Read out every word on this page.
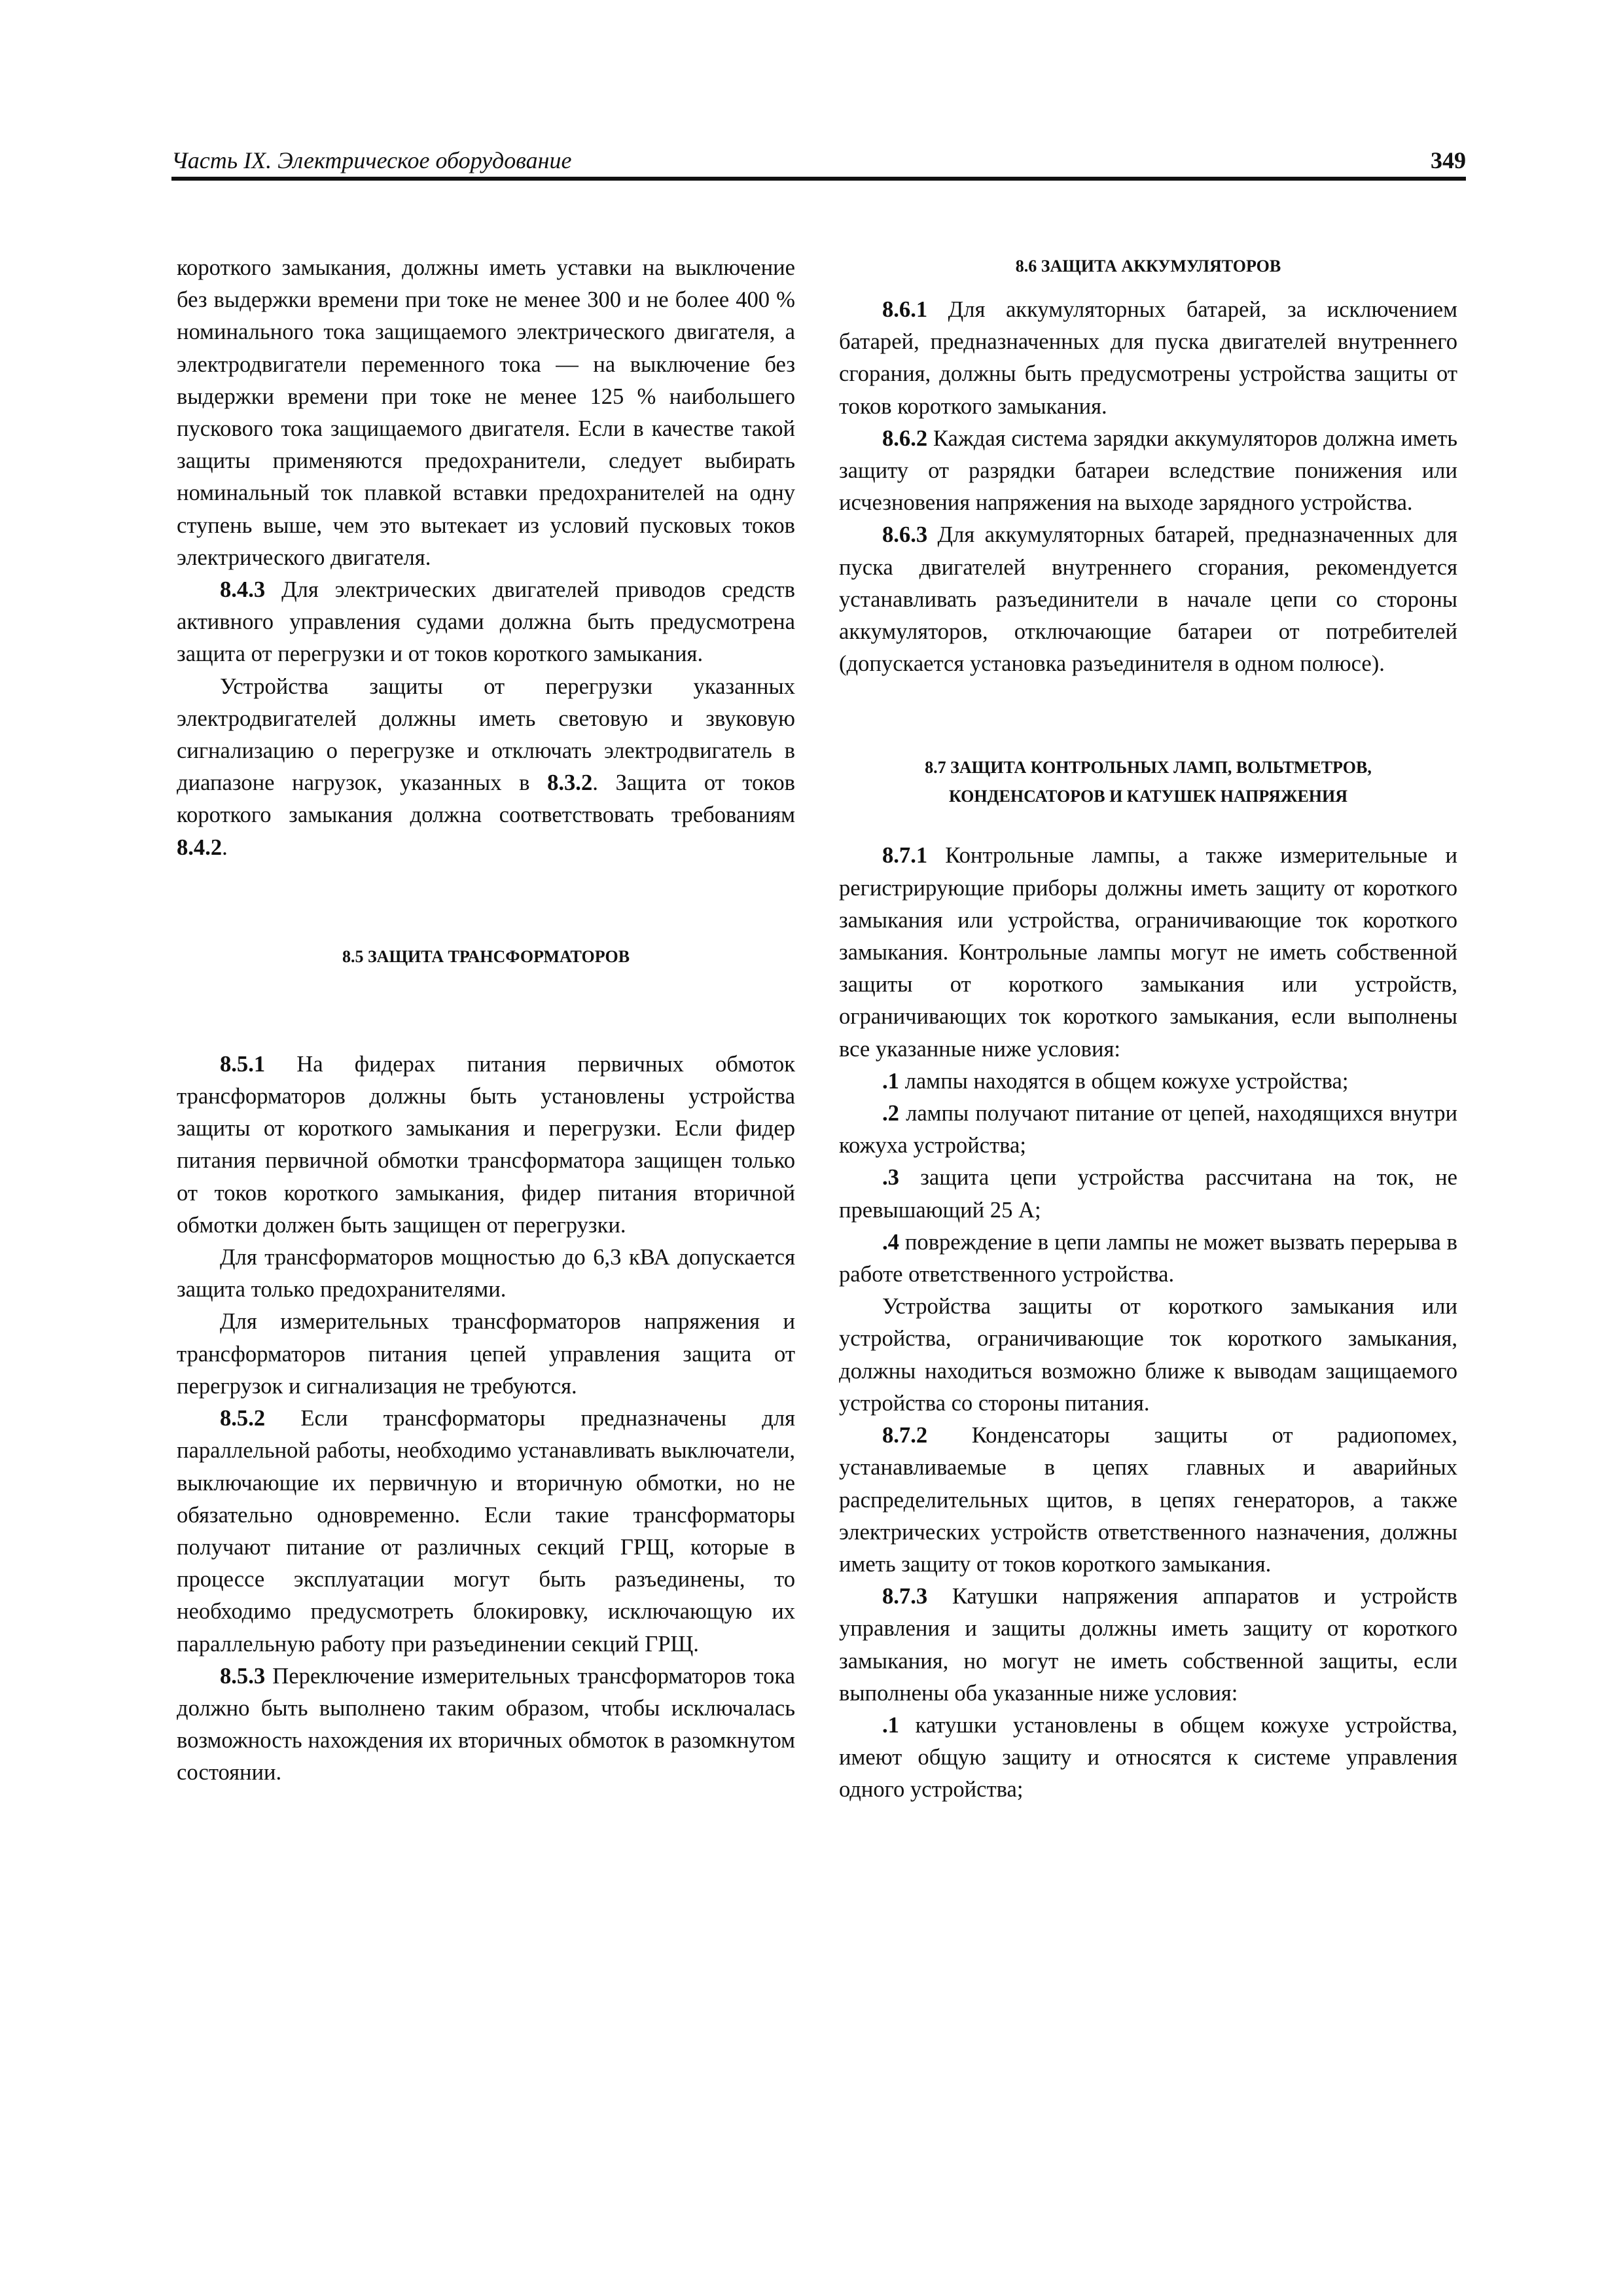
Часть IX. Электрическое оборудование	349

короткого замыкания, должны иметь уставки на выключение без выдержки времени при токе не менее 300 и не более 400 % номинального тока защищаемого электрического двигателя, а электродвигатели переменного тока — на выключение без выдержки времени при токе не менее 125 % наибольшего пускового тока защищаемого двигателя. Если в качестве такой защиты применяются предохранители, следует выбирать номинальный ток плавкой вставки предохранителей на одну ступень выше, чем это вытекает из условий пусковых токов электрического двигателя.

8.4.3 Для электрических двигателей приводов средств активного управления судами должна быть предусмотрена защита от перегрузки и от токов короткого замыкания.

Устройства защиты от перегрузки указанных электродвигателей должны иметь световую и звуковую сигнализацию о перегрузке и отключать электродвигатель в диапазоне нагрузок, указанных в 8.3.2. Защита от токов короткого замыкания должна соответствовать требованиям 8.4.2.

8.5 ЗАЩИТА ТРАНСФОРМАТОРОВ

8.5.1 На фидерах питания первичных обмоток трансформаторов должны быть установлены устройства защиты от короткого замыкания и перегрузки. Если фидер питания первичной обмотки трансформатора защищен только от токов короткого замыкания, фидер питания вторичной обмотки должен быть защищен от перегрузки.

Для трансформаторов мощностью до 6,3 кВА допускается защита только предохранителями.

Для измерительных трансформаторов напряжения и трансформаторов питания цепей управления защита от перегрузок и сигнализация не требуются.

8.5.2 Если трансформаторы предназначены для параллельной работы, необходимо устанавливать выключатели, выключающие их первичную и вторичную обмотки, но не обязательно одновременно. Если такие трансформаторы получают питание от различных секций ГРЩ, которые в процессе эксплуатации могут быть разъединены, то необходимо предусмотреть блокировку, исключающую их параллельную работу при разъединении секций ГРЩ.

8.5.3 Переключение измерительных трансформаторов тока должно быть выполнено таким образом, чтобы исключалась возможность нахождения их вторичных обмоток в разомкнутом состоянии.

8.6 ЗАЩИТА АККУМУЛЯТОРОВ

8.6.1 Для аккумуляторных батарей, за исключением батарей, предназначенных для пуска двигателей внутреннего сгорания, должны быть предусмотрены устройства защиты от токов короткого замыкания.

8.6.2 Каждая система зарядки аккумуляторов должна иметь защиту от разрядки батареи вследствие понижения или исчезновения напряжения на выходе зарядного устройства.

8.6.3 Для аккумуляторных батарей, предназначенных для пуска двигателей внутреннего сгорания, рекомендуется устанавливать разъединители в начале цепи со стороны аккумуляторов, отключающие батареи от потребителей (допускается установка разъединителя в одном полюсе).

8.7 ЗАЩИТА КОНТРОЛЬНЫХ ЛАМП, ВОЛЬТМЕТРОВ,
КОНДЕНСАТОРОВ И КАТУШЕК НАПРЯЖЕНИЯ

8.7.1 Контрольные лампы, а также измерительные и регистрирующие приборы должны иметь защиту от короткого замыкания или устройства, ограничивающие ток короткого замыкания. Контрольные лампы могут не иметь собственной защиты от короткого замыкания или устройств, ограничивающих ток короткого замыкания, если выполнены все указанные ниже условия:

.1 лампы находятся в общем кожухе устройства;

.2 лампы получают питание от цепей, находящихся внутри кожуха устройства;

.3 защита цепи устройства рассчитана на ток, не превышающий 25 А;

.4 повреждение в цепи лампы не может вызвать перерыва в работе ответственного устройства.

Устройства защиты от короткого замыкания или устройства, ограничивающие ток короткого замыкания, должны находиться возможно ближе к выводам защищаемого устройства со стороны питания.

8.7.2 Конденсаторы защиты от радиопомех, устанавливаемые в цепях главных и аварийных распределительных щитов, в цепях генераторов, а также электрических устройств ответственного назначения, должны иметь защиту от токов короткого замыкания.

8.7.3 Катушки напряжения аппаратов и устройств управления и защиты должны иметь защиту от короткого замыкания, но могут не иметь собственной защиты, если выполнены оба указанные ниже условия:

.1 катушки установлены в общем кожухе устройства, имеют общую защиту и относятся к системе управления одного устройства;
